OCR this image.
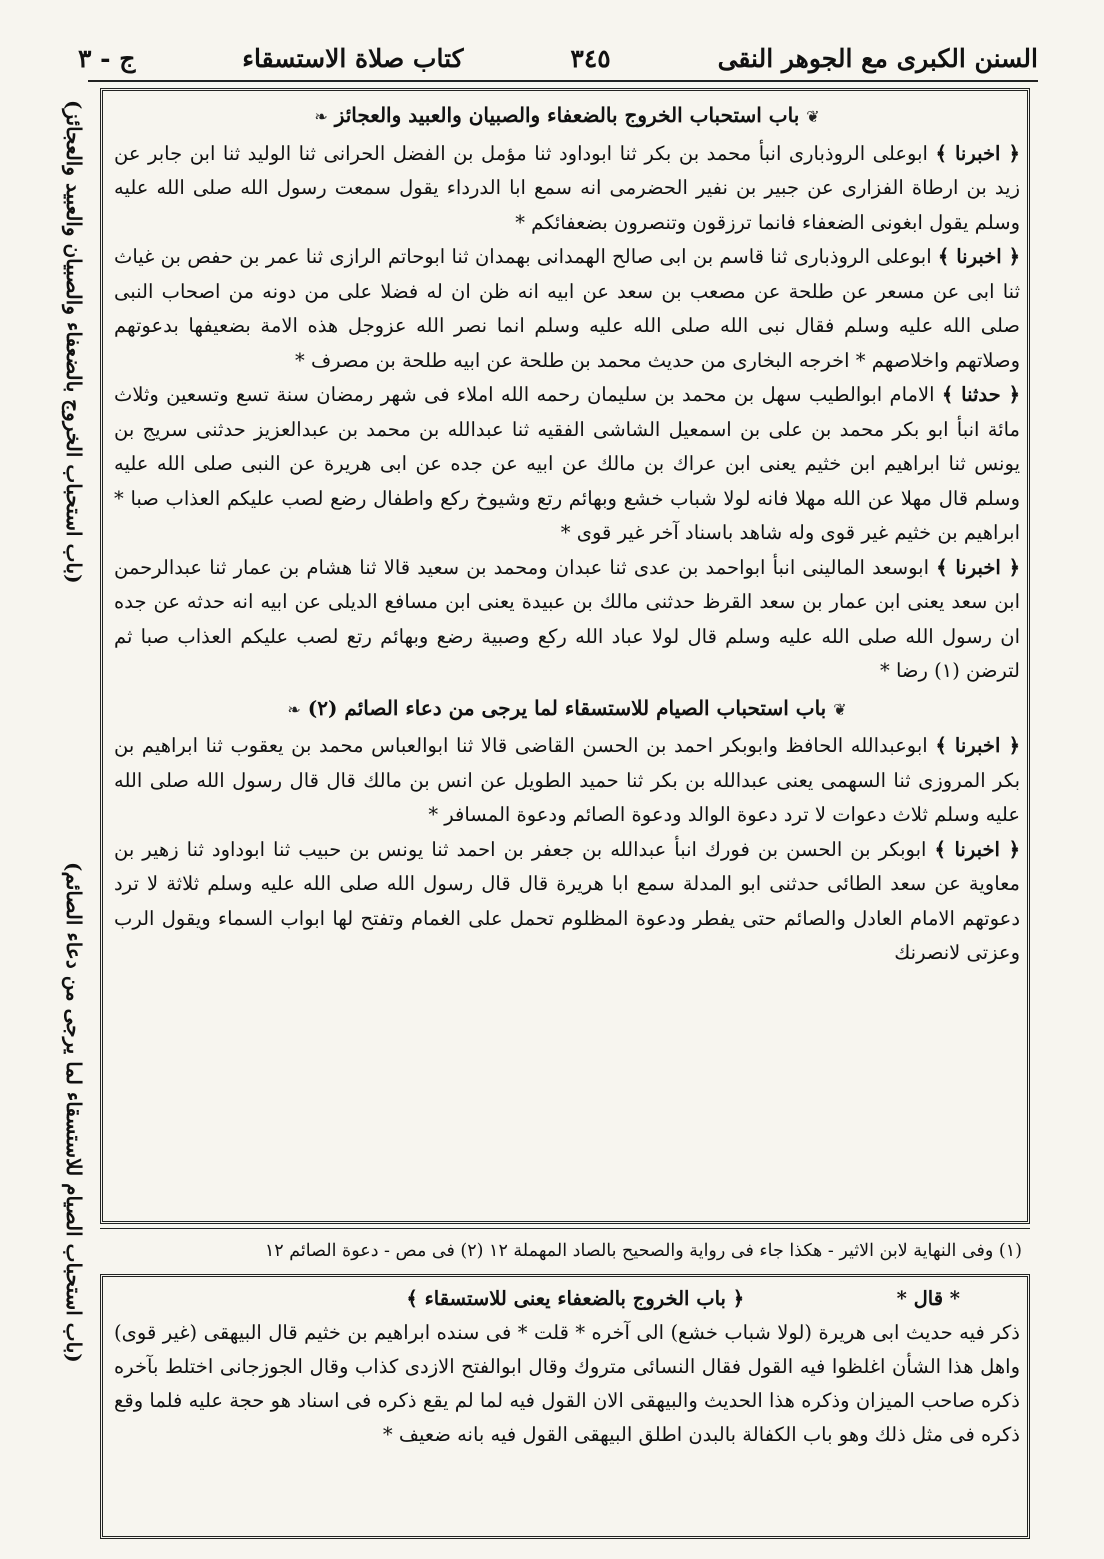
السنن الكبرى مع الجوهر النقى
٣٤٥
كتاب صلاة الاستسقاء
ج - ٣
(باب استحباب الخروج بالضعفاء والصبيان والعبيد والعجائز)
(باب استحباب الصيام للاستسقاء لما يرجى من دعاء الصائم)
❦ باب استحباب الخروج بالضعفاء والصبيان والعبيد والعجائز ❧

﴿ اخبرنا ﴾ ابوعلى الروذبارى انبأ محمد بن بكر ثنا ابوداود ثنا مؤمل بن الفضل الحرانى ثنا الوليد ثنا ابن جابر عن زيد بن ارطاة الفزارى عن جبير بن نفير الحضرمى انه سمع ابا الدرداء يقول سمعت رسول الله صلى الله عليه وسلم يقول ابغونى الضعفاء فانما ترزقون وتنصرون بضعفائكم *

﴿ اخبرنا ﴾ ابوعلى الروذبارى ثنا قاسم بن ابى صالح الهمدانى بهمدان ثنا ابوحاتم الرازى ثنا عمر بن حفص بن غياث ثنا ابى عن مسعر عن طلحة عن مصعب بن سعد عن ابيه انه ظن ان له فضلا على من دونه من اصحاب النبى صلى الله عليه وسلم فقال نبى الله صلى الله عليه وسلم انما نصر الله عزوجل هذه الامة بضعيفها بدعوتهم وصلاتهم واخلاصهم * اخرجه البخارى من حديث محمد بن طلحة عن ابيه طلحة بن مصرف *

﴿ حدثنا ﴾ الامام ابوالطيب سهل بن محمد بن سليمان رحمه الله املاء فى شهر رمضان سنة تسع وتسعين وثلاث مائة انبأ ابو بكر محمد بن على بن اسمعيل الشاشى الفقيه ثنا عبدالله بن محمد بن عبدالعزيز حدثنى سريج بن يونس ثنا ابراهيم ابن خثيم يعنى ابن عراك بن مالك عن ابيه عن جده عن ابى هريرة عن النبى صلى الله عليه وسلم قال مهلا عن الله مهلا فانه لولا شباب خشع وبهائم رتع وشيوخ ركع واطفال رضع لصب عليكم العذاب صبا * ابراهيم بن خثيم غير قوى وله شاهد باسناد آخر غير قوى *

﴿ اخبرنا ﴾ ابوسعد المالينى انبأ ابواحمد بن عدى ثنا عبدان ومحمد بن سعيد قالا ثنا هشام بن عمار ثنا عبدالرحمن ابن سعد يعنى ابن عمار بن سعد القرظ حدثنى مالك بن عبيدة يعنى ابن مسافع الديلى عن ابيه انه حدثه عن جده ان رسول الله صلى الله عليه وسلم قال لولا عباد الله ركع وصبية رضع وبهائم رتع لصب عليكم العذاب صبا ثم لترضن (١) رضا *

❦ باب استحباب الصيام للاستسقاء لما يرجى من دعاء الصائم (٢) ❧

﴿ اخبرنا ﴾ ابوعبدالله الحافظ وابوبكر احمد بن الحسن القاضى قالا ثنا ابوالعباس محمد بن يعقوب ثنا ابراهيم بن بكر المروزى ثنا السهمى يعنى عبدالله بن بكر ثنا حميد الطويل عن انس بن مالك قال قال رسول الله صلى الله عليه وسلم ثلاث دعوات لا ترد دعوة الوالد ودعوة الصائم ودعوة المسافر *

﴿ اخبرنا ﴾ ابوبكر بن الحسن بن فورك انبأ عبدالله بن جعفر بن احمد ثنا يونس بن حبيب ثنا ابوداود ثنا زهير بن معاوية عن سعد الطائى حدثنى ابو المدلة سمع ابا هريرة قال قال رسول الله صلى الله عليه وسلم ثلاثة لا ترد دعوتهم الامام العادل والصائم حتى يفطر ودعوة المظلوم تحمل على الغمام وتفتح لها ابواب السماء ويقول الرب وعزتى لانصرنك

(١) وفى النهاية لابن الاثير - هكذا جاء فى رواية والصحيح بالصاد المهملة ١٢ (٢) فى مص - دعوة الصائم ١٢
* قال *
﴿ باب الخروج بالضعفاء يعنى للاستسقاء ﴾
ذكر فيه حديث ابى هريرة (لولا شباب خشع) الى آخره * قلت * فى سنده ابراهيم بن خثيم قال البيهقى (غير قوى) واهل هذا الشأن اغلظوا فيه القول فقال النسائى متروك وقال ابوالفتح الازدى كذاب وقال الجوزجانى اختلط بآخره ذكره صاحب الميزان وذكره هذا الحديث والبيهقى الان القول فيه لما لم يقع ذكره فى اسناد هو حجة عليه فلما وقع ذكره فى مثل ذلك وهو باب الكفالة بالبدن اطلق البيهقى القول فيه بانه ضعيف *
